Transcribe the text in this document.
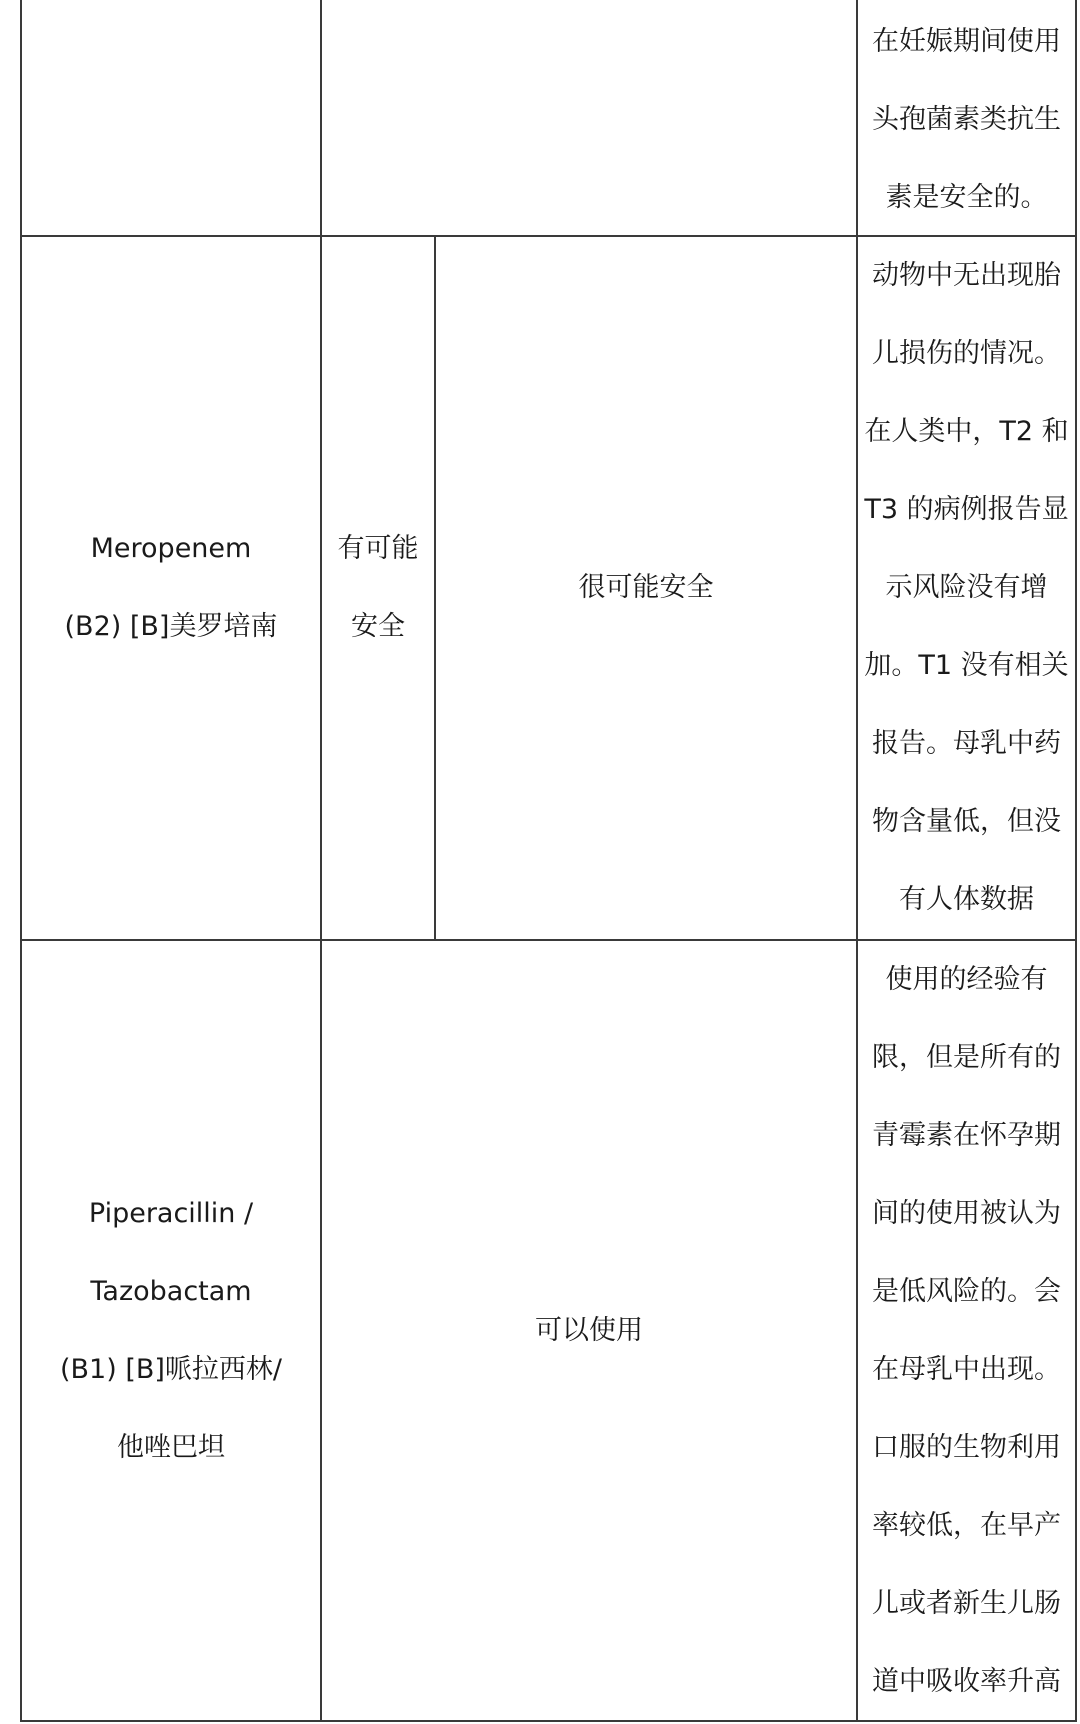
在妊娠期间使用
头孢菌素类抗生
素是安全的。
Meropenem
(B2) [B]美罗培南
有可能
安全
很可能安全
动物中无出现胎
儿损伤的情况。
在人类中，T2 和
T3 的病例报告显
示风险没有增
加。T1 没有相关
报告。母乳中药
物含量低，但没
有人体数据
Piperacillin /
Tazobactam
(B1) [B]哌拉西林/
他唑巴坦
可以使用
使用的经验有
限，但是所有的
青霉素在怀孕期
间的使用被认为
是低风险的。会
在母乳中出现。
口服的生物利用
率较低，在早产
儿或者新生儿肠
道中吸收率升高
